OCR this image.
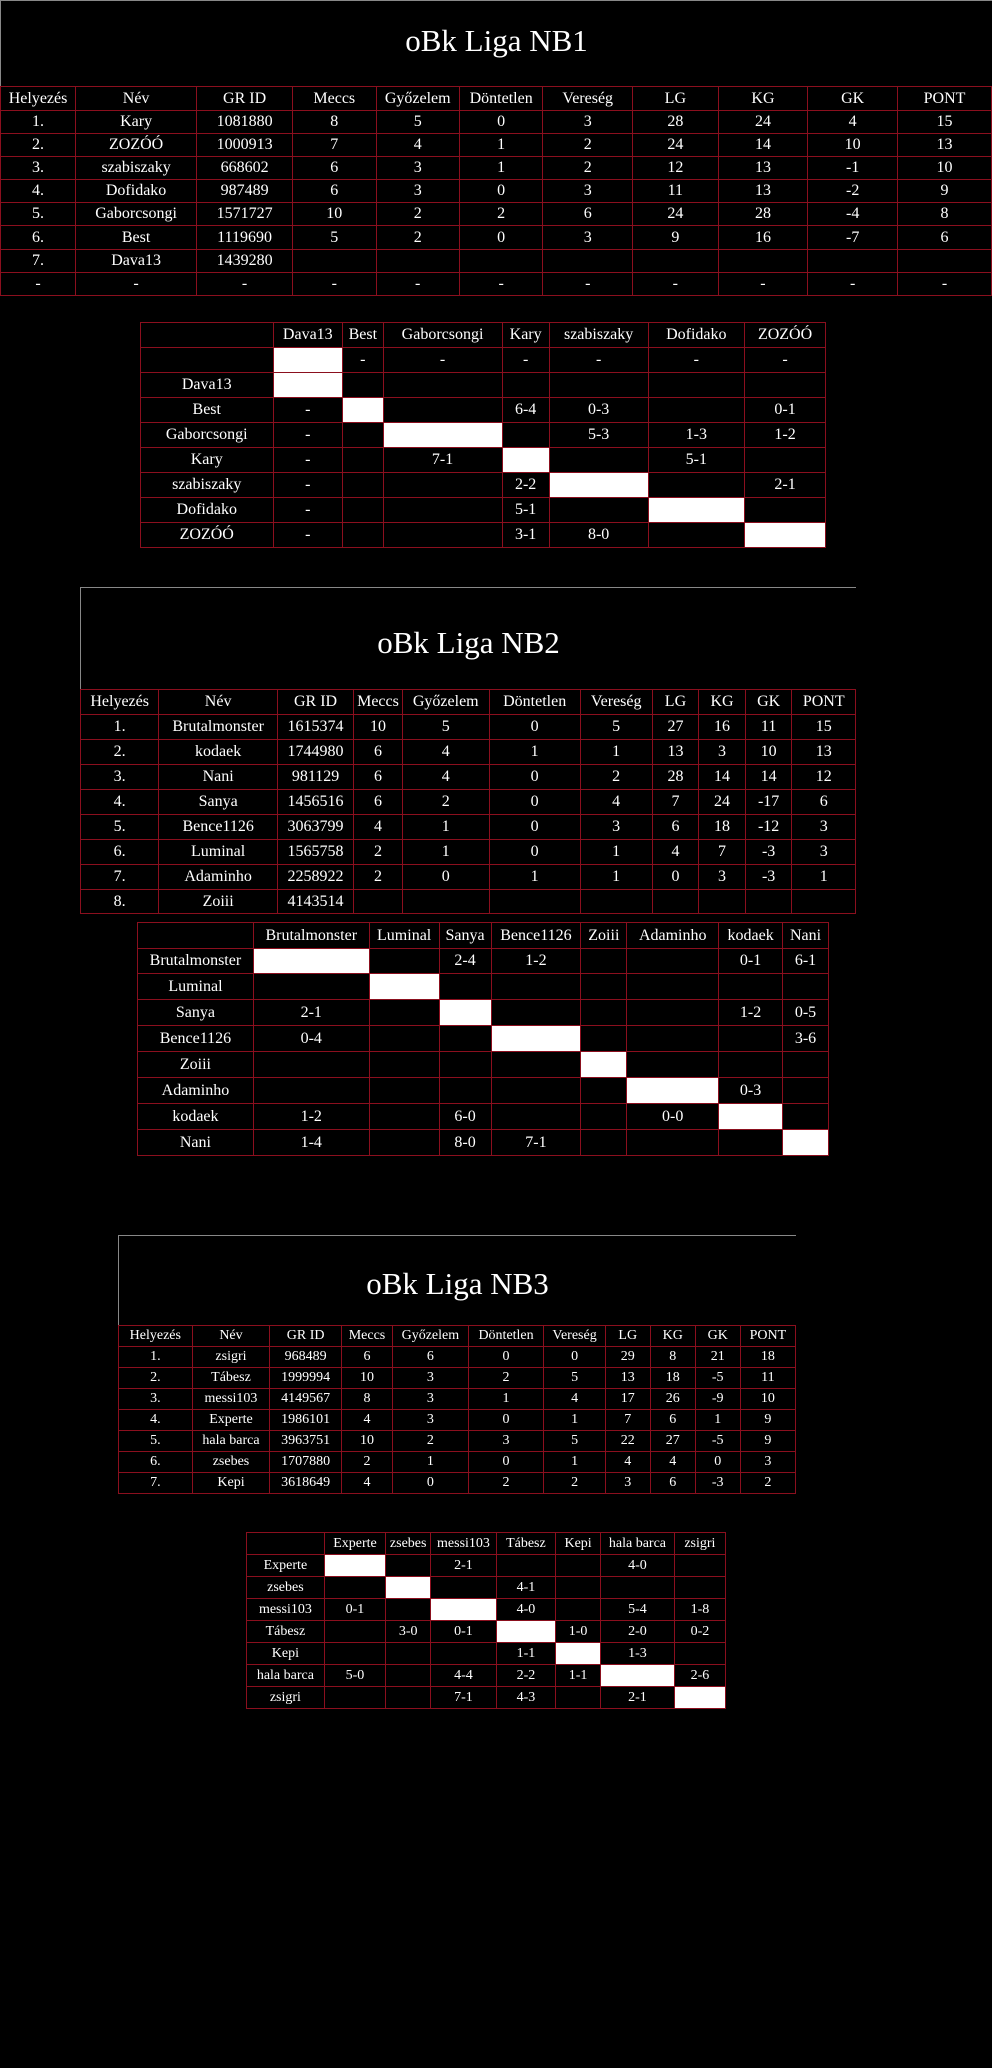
oBk Liga NB1
Helyezés	Név	GR ID	Meccs	Győzelem	Döntetlen	Vereség	LG	KG	GK	PONT
1.	Kary	1081880	8	5	0	3	28	24	4	15
2.	ZOZÓÓ	1000913	7	4	1	2	24	14	10	13
3.	szabiszaky	668602	6	3	1	2	12	13	-1	10
4.	Dofidako	987489	6	3	0	3	11	13	-2	9
5.	Gaborcsongi	1571727	10	2	2	6	24	28	-4	8
6.	Best	1119690	5	2	0	3	9	16	-7	6
7.	Dava13	1439280								
-	-	-	-	-	-	-	-	-	-	-
	Dava13	Best	Gaborcsongi	Kary	szabiszaky	Dofidako	ZOZÓÓ
		-	-	-	-	-	-
Dava13							
Best	-			6-4	0-3		0-1
Gaborcsongi	-				5-3	1-3	1-2
Kary	-		7-1			5-1	
szabiszaky	-			2-2			2-1
Dofidako	-			5-1			
ZOZÓÓ	-			3-1	8-0		
oBk Liga NB2
Helyezés	Név	GR ID	Meccs	Győzelem	Döntetlen	Vereség	LG	KG	GK	PONT
1.	Brutalmonster	1615374	10	5	0	5	27	16	11	15
2.	kodaek	1744980	6	4	1	1	13	3	10	13
3.	Nani	981129	6	4	0	2	28	14	14	12
4.	Sanya	1456516	6	2	0	4	7	24	-17	6
5.	Bence1126	3063799	4	1	0	3	6	18	-12	3
6.	Luminal	1565758	2	1	0	1	4	7	-3	3
7.	Adaminho	2258922	2	0	1	1	0	3	-3	1
8.	Zoiii	4143514								
	Brutalmonster	Luminal	Sanya	Bence1126	Zoiii	Adaminho	kodaek	Nani
Brutalmonster			2-4	1-2			0-1	6-1
Luminal								
Sanya	2-1						1-2	0-5
Bence1126	0-4							3-6
Zoiii								
Adaminho							0-3	
kodaek	1-2		6-0			0-0		
Nani	1-4		8-0	7-1				
oBk Liga NB3
Helyezés	Név	GR ID	Meccs	Győzelem	Döntetlen	Vereség	LG	KG	GK	PONT
1.	zsigri	968489	6	6	0	0	29	8	21	18
2.	Tábesz	1999994	10	3	2	5	13	18	-5	11
3.	messi103	4149567	8	3	1	4	17	26	-9	10
4.	Experte	1986101	4	3	0	1	7	6	1	9
5.	hala barca	3963751	10	2	3	5	22	27	-5	9
6.	zsebes	1707880	2	1	0	1	4	4	0	3
7.	Kepi	3618649	4	0	2	2	3	6	-3	2
	Experte	zsebes	messi103	Tábesz	Kepi	hala barca	zsigri
Experte			2-1			4-0	
zsebes				4-1			
messi103	0-1			4-0		5-4	1-8
Tábesz		3-0	0-1		1-0	2-0	0-2
Kepi				1-1		1-3	
hala barca	5-0		4-4	2-2	1-1		2-6
zsigri			7-1	4-3		2-1	
